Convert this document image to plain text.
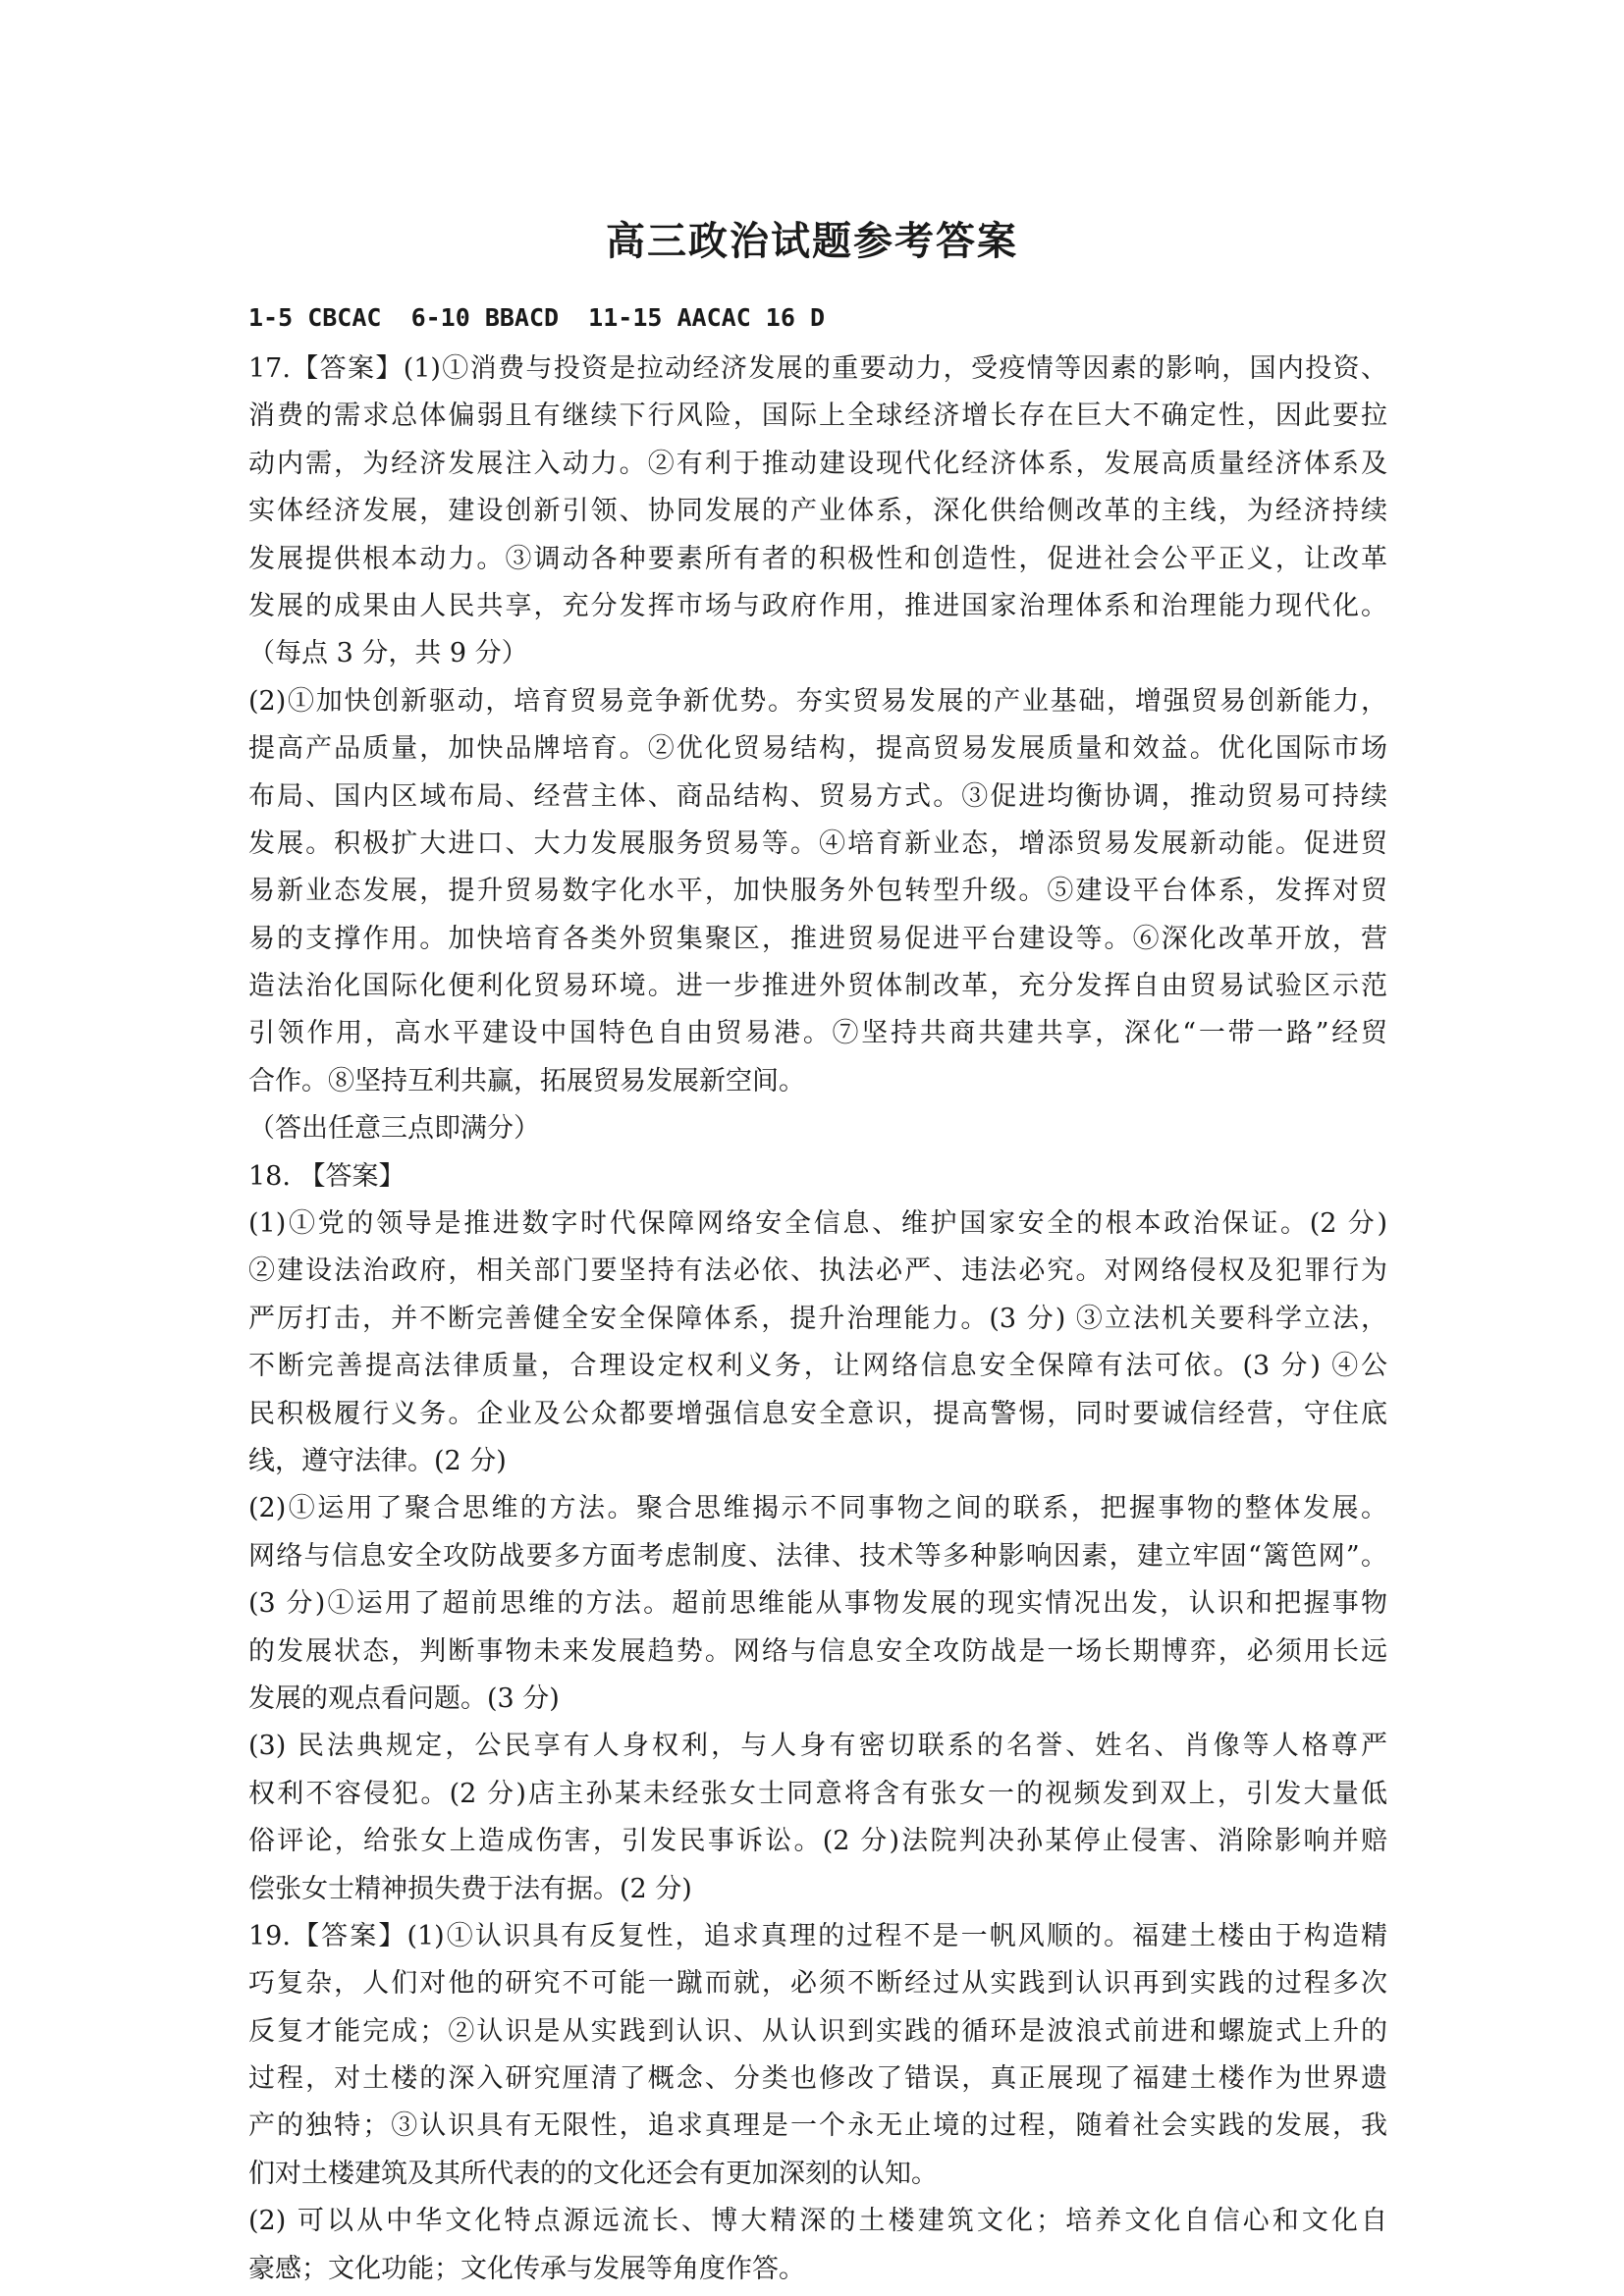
高三政治试题参考答案
1-5 CBCAC  6-10 BBACD  11-15 AACAC 16 D
17.【答案】(1)①消费与投资是拉动经济发展的重要动力，受疫情等因素的影响，国内投资、
消费的需求总体偏弱且有继续下行风险，国际上全球经济增长存在巨大不确定性，因此要拉
动内需，为经济发展注入动力。②有利于推动建设现代化经济体系，发展高质量经济体系及
实体经济发展，建设创新引领、协同发展的产业体系，深化供给侧改革的主线，为经济持续
发展提供根本动力。③调动各种要素所有者的积极性和创造性，促进社会公平正义，让改革
发展的成果由人民共享，充分发挥市场与政府作用，推进国家治理体系和治理能力现代化。
（每点 3 分，共 9 分）
(2)①加快创新驱动，培育贸易竞争新优势。夯实贸易发展的产业基础，增强贸易创新能力，
提高产品质量，加快品牌培育。②优化贸易结构，提高贸易发展质量和效益。优化国际市场
布局、国内区域布局、经营主体、商品结构、贸易方式。③促进均衡协调，推动贸易可持续
发展。积极扩大进口、大力发展服务贸易等。④培育新业态，增添贸易发展新动能。促进贸
易新业态发展，提升贸易数字化水平，加快服务外包转型升级。⑤建设平台体系，发挥对贸
易的支撑作用。加快培育各类外贸集聚区，推进贸易促进平台建设等。⑥深化改革开放，营
造法治化国际化便利化贸易环境。进一步推进外贸体制改革，充分发挥自由贸易试验区示范
引领作用，高水平建设中国特色自由贸易港。⑦坚持共商共建共享，深化“一带一路”经贸
合作。⑧坚持互利共赢，拓展贸易发展新空间。
（答出任意三点即满分）
18. 【答案】
(1)①党的领导是推进数字时代保障网络安全信息、维护国家安全的根本政治保证。(2 分)
②建设法治政府，相关部门要坚持有法必依、执法必严、违法必究。对网络侵权及犯罪行为
严厉打击，并不断完善健全安全保障体系，提升治理能力。(3 分) ③立法机关要科学立法，
不断完善提高法律质量，合理设定权利义务，让网络信息安全保障有法可依。(3 分) ④公
民积极履行义务。企业及公众都要增强信息安全意识，提高警惕，同时要诚信经营，守住底
线，遵守法律。(2 分)
(2)①运用了聚合思维的方法。聚合思维揭示不同事物之间的联系，把握事物的整体发展。
网络与信息安全攻防战要多方面考虑制度、法律、技术等多种影响因素，建立牢固“篱笆网”。
(3 分)①运用了超前思维的方法。超前思维能从事物发展的现实情况出发，认识和把握事物
的发展状态，判断事物未来发展趋势。网络与信息安全攻防战是一场长期博弈，必须用长远
发展的观点看问题。(3 分)
(3) 民法典规定，公民享有人身权利，与人身有密切联系的名誉、姓名、肖像等人格尊严
权利不容侵犯。(2 分)店主孙某未经张女士同意将含有张女一的视频发到双上，引发大量低
俗评论，给张女上造成伤害，引发民事诉讼。(2 分)法院判决孙某停止侵害、消除影响并赔
偿张女士精神损失费于法有据。(2 分)
19.【答案】(1)①认识具有反复性，追求真理的过程不是一帆风顺的。福建土楼由于构造精
巧复杂，人们对他的研究不可能一蹴而就，必须不断经过从实践到认识再到实践的过程多次
反复才能完成；②认识是从实践到认识、从认识到实践的循环是波浪式前进和螺旋式上升的
过程，对土楼的深入研究厘清了概念、分类也修改了错误，真正展现了福建土楼作为世界遗
产的独特；③认识具有无限性，追求真理是一个永无止境的过程，随着社会实践的发展，我
们对土楼建筑及其所代表的的文化还会有更加深刻的认知。
(2) 可以从中华文化特点源远流长、博大精深的土楼建筑文化；培养文化自信心和文化自
豪感；文化功能；文化传承与发展等角度作答。
